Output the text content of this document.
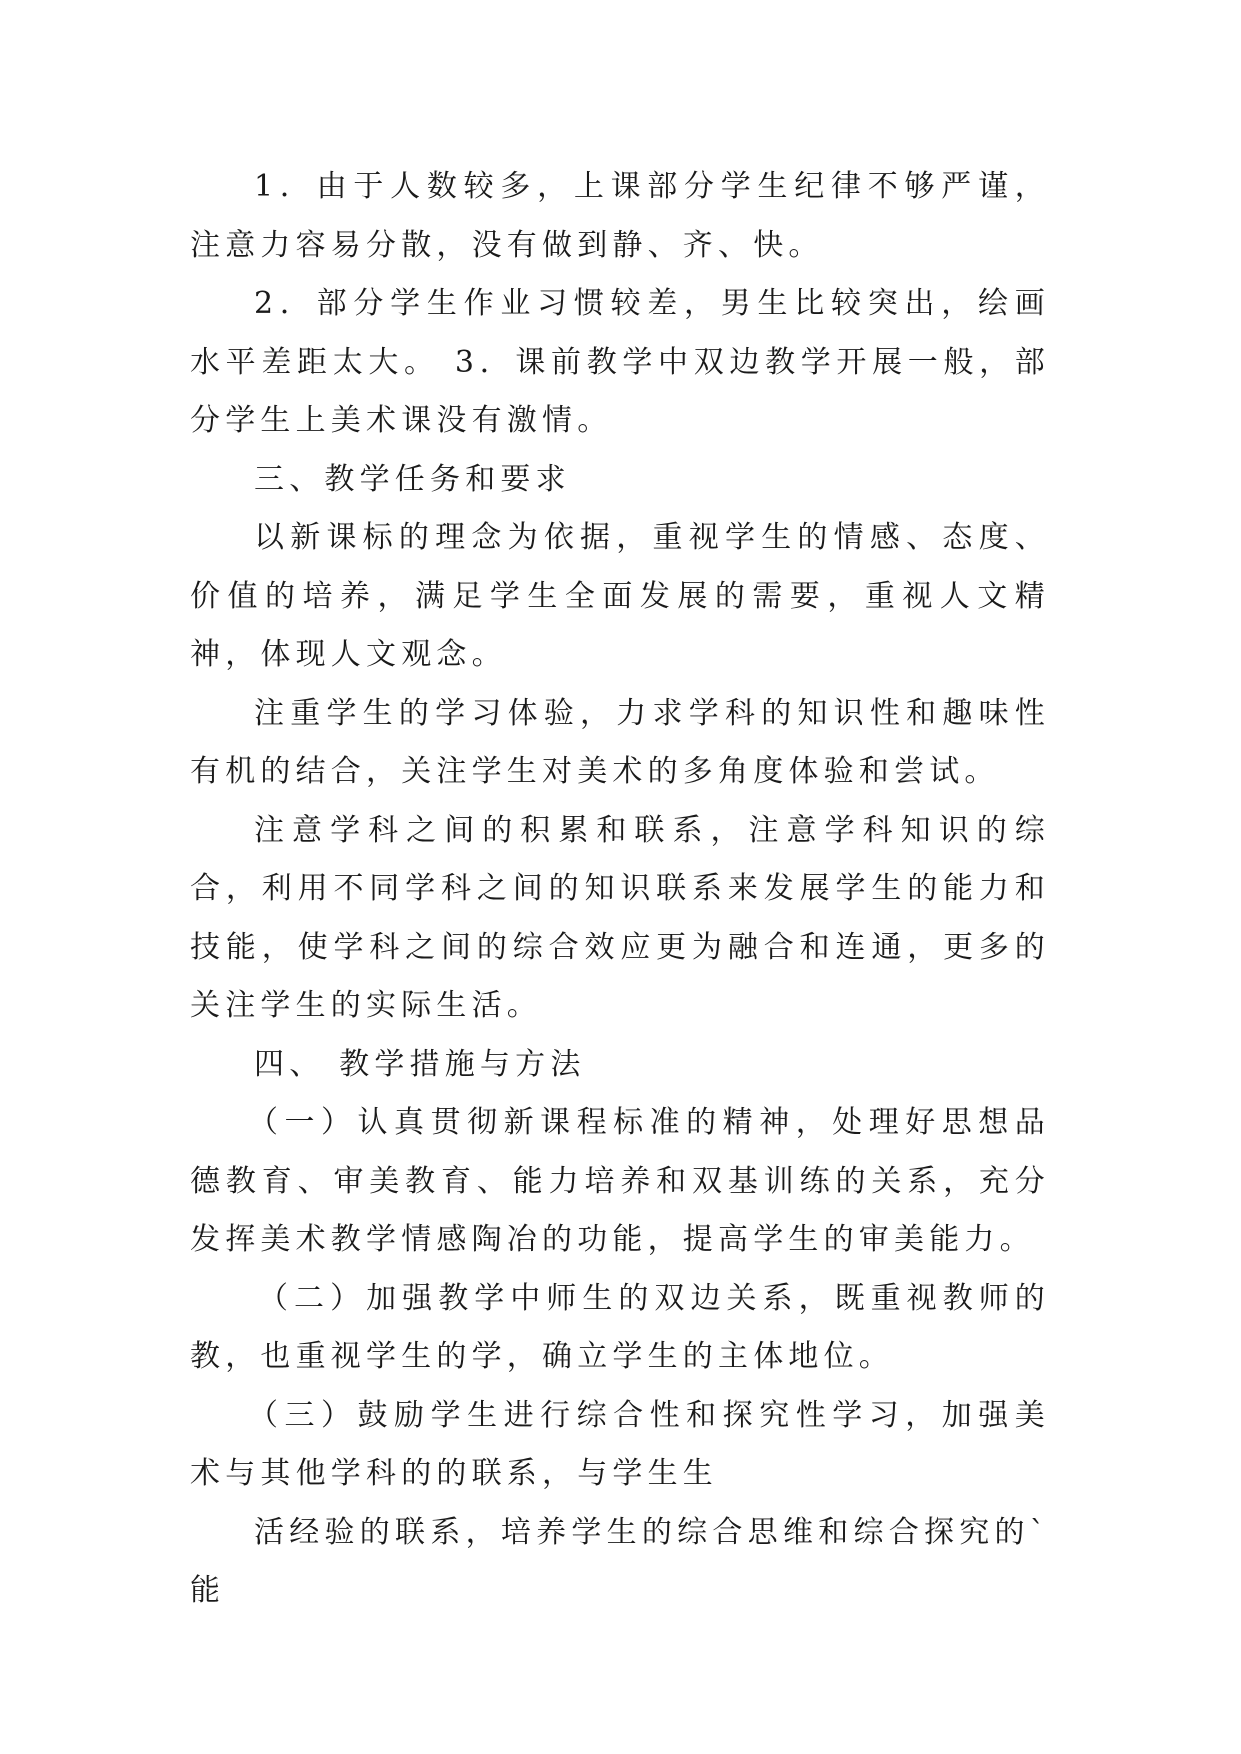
1．由于人数较多，上课部分学生纪律不够严谨，注意力容易分散，没有做到静、齐、快。

2．部分学生作业习惯较差，男生比较突出，绘画水平差距太大。 3．课前教学中双边教学开展一般，部分学生上美术课没有激情。

三、教学任务和要求

以新课标的理念为依据，重视学生的情感、态度、价值的培养，满足学生全面发展的需要，重视人文精神，体现人文观念。

注重学生的学习体验，力求学科的知识性和趣味性有机的结合，关注学生对美术的多角度体验和尝试。

注意学科之间的积累和联系，注意学科知识的综合，利用不同学科之间的知识联系来发展学生的能力和技能，使学科之间的综合效应更为融合和连通，更多的关注学生的实际生活。

四、 教学措施与方法

（一）认真贯彻新课程标准的精神，处理好思想品德教育、审美教育、能力培养和双基训练的关系，充分发挥美术教学情感陶冶的功能，提高学生的审美能力。

（二）加强教学中师生的双边关系，既重视教师的教，也重视学生的学，确立学生的主体地位。

（三）鼓励学生进行综合性和探究性学习，加强美术与其他学科的的联系，与学生生

活经验的联系，培养学生的综合思维和综合探究的`能
